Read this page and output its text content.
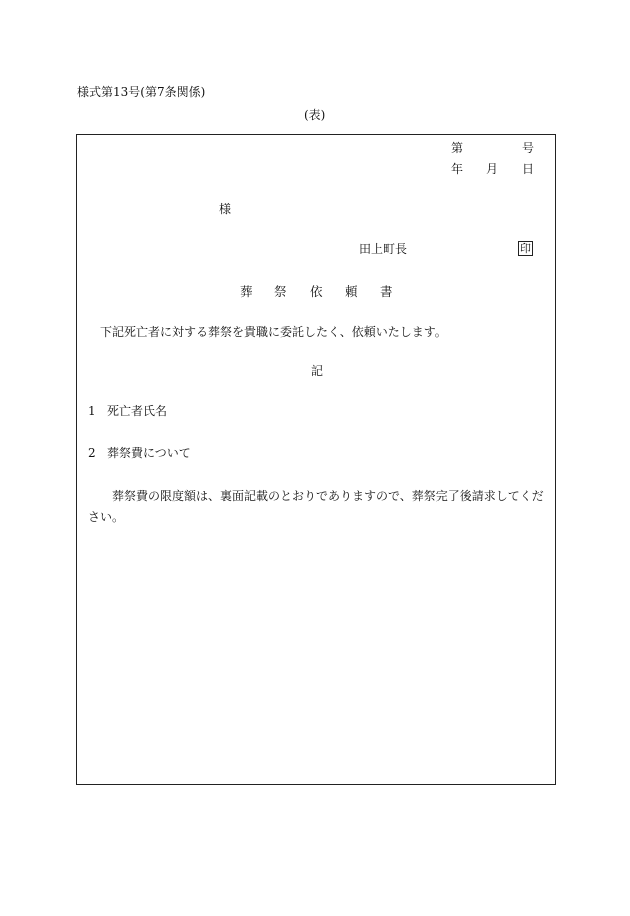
様式第13号(第7条関係)
(表)
第	号
年 月 日
様
田上町長	印
葬 祭 依 頼 書
下記死亡者に対する葬祭を貴職に委託したく、依頼いたします。
記
1 死亡者氏名
2 葬祭費について
葬祭費の限度額は、裏面記載のとおりでありますので、葬祭完了後請求してください。
